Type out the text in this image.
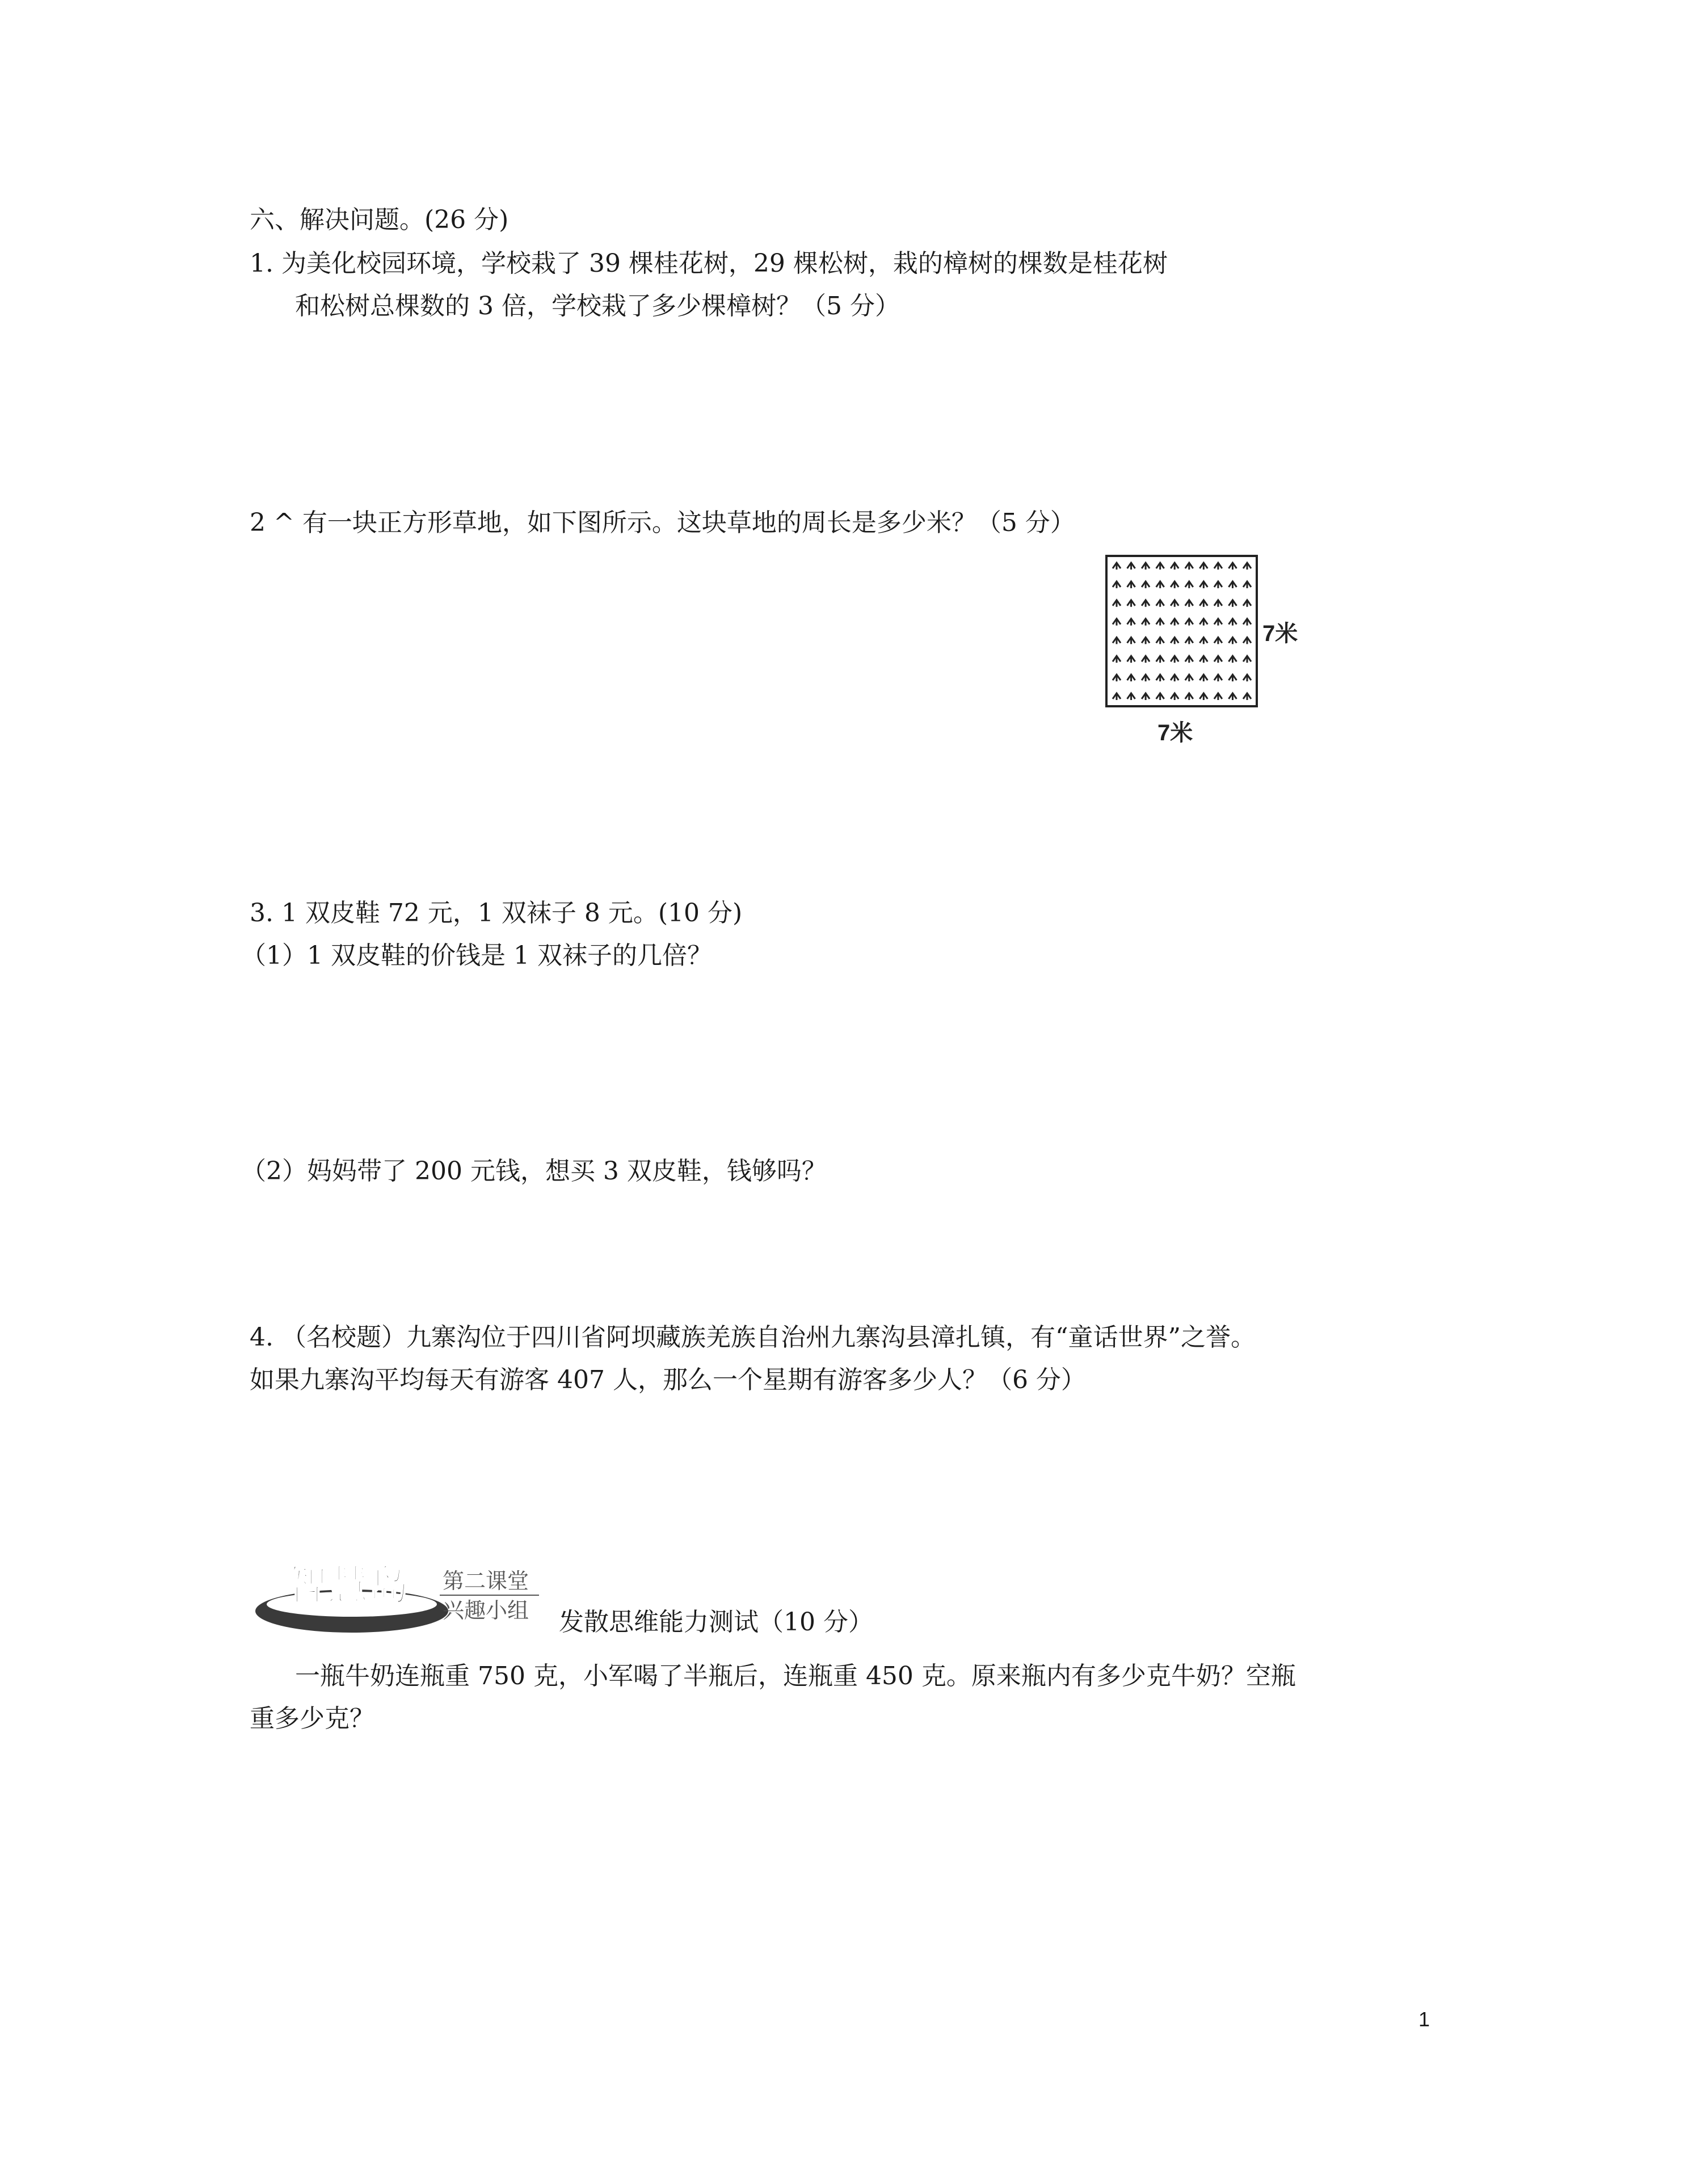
六、解决问题。(26 分)
1. 为美化校园环境，学校栽了 39 棵桂花树，29 棵松树，栽的樟树的棵数是桂花树
和松树总棵数的 3 倍，学校栽了多少棵樟树？（5 分）
2 ^ 有一块正方形草地，如下图所示。这块草地的周长是多少米？（5 分）
7米
7米
3. 1 双皮鞋 72 元，1 双袜子 8 元。(10 分)
（1）1 双皮鞋的价钱是 1 双袜子的几倍？
（2）妈妈带了 200 元钱，想买 3 双皮鞋，钱够吗？
4. （名校题）九寨沟位于四川省阿坝藏族羌族自治州九寨沟县漳扎镇，有“童话世界”之誉。
如果九寨沟平均每天有游客 407 人，那么一个星期有游客多少人？（6 分）
智慧岛 第二课堂
兴趣小组 发散思维能力测试（10 分）
一瓶牛奶连瓶重 750 克，小军喝了半瓶后，连瓶重 450 克。原来瓶内有多少克牛奶？空瓶
重多少克？
1
